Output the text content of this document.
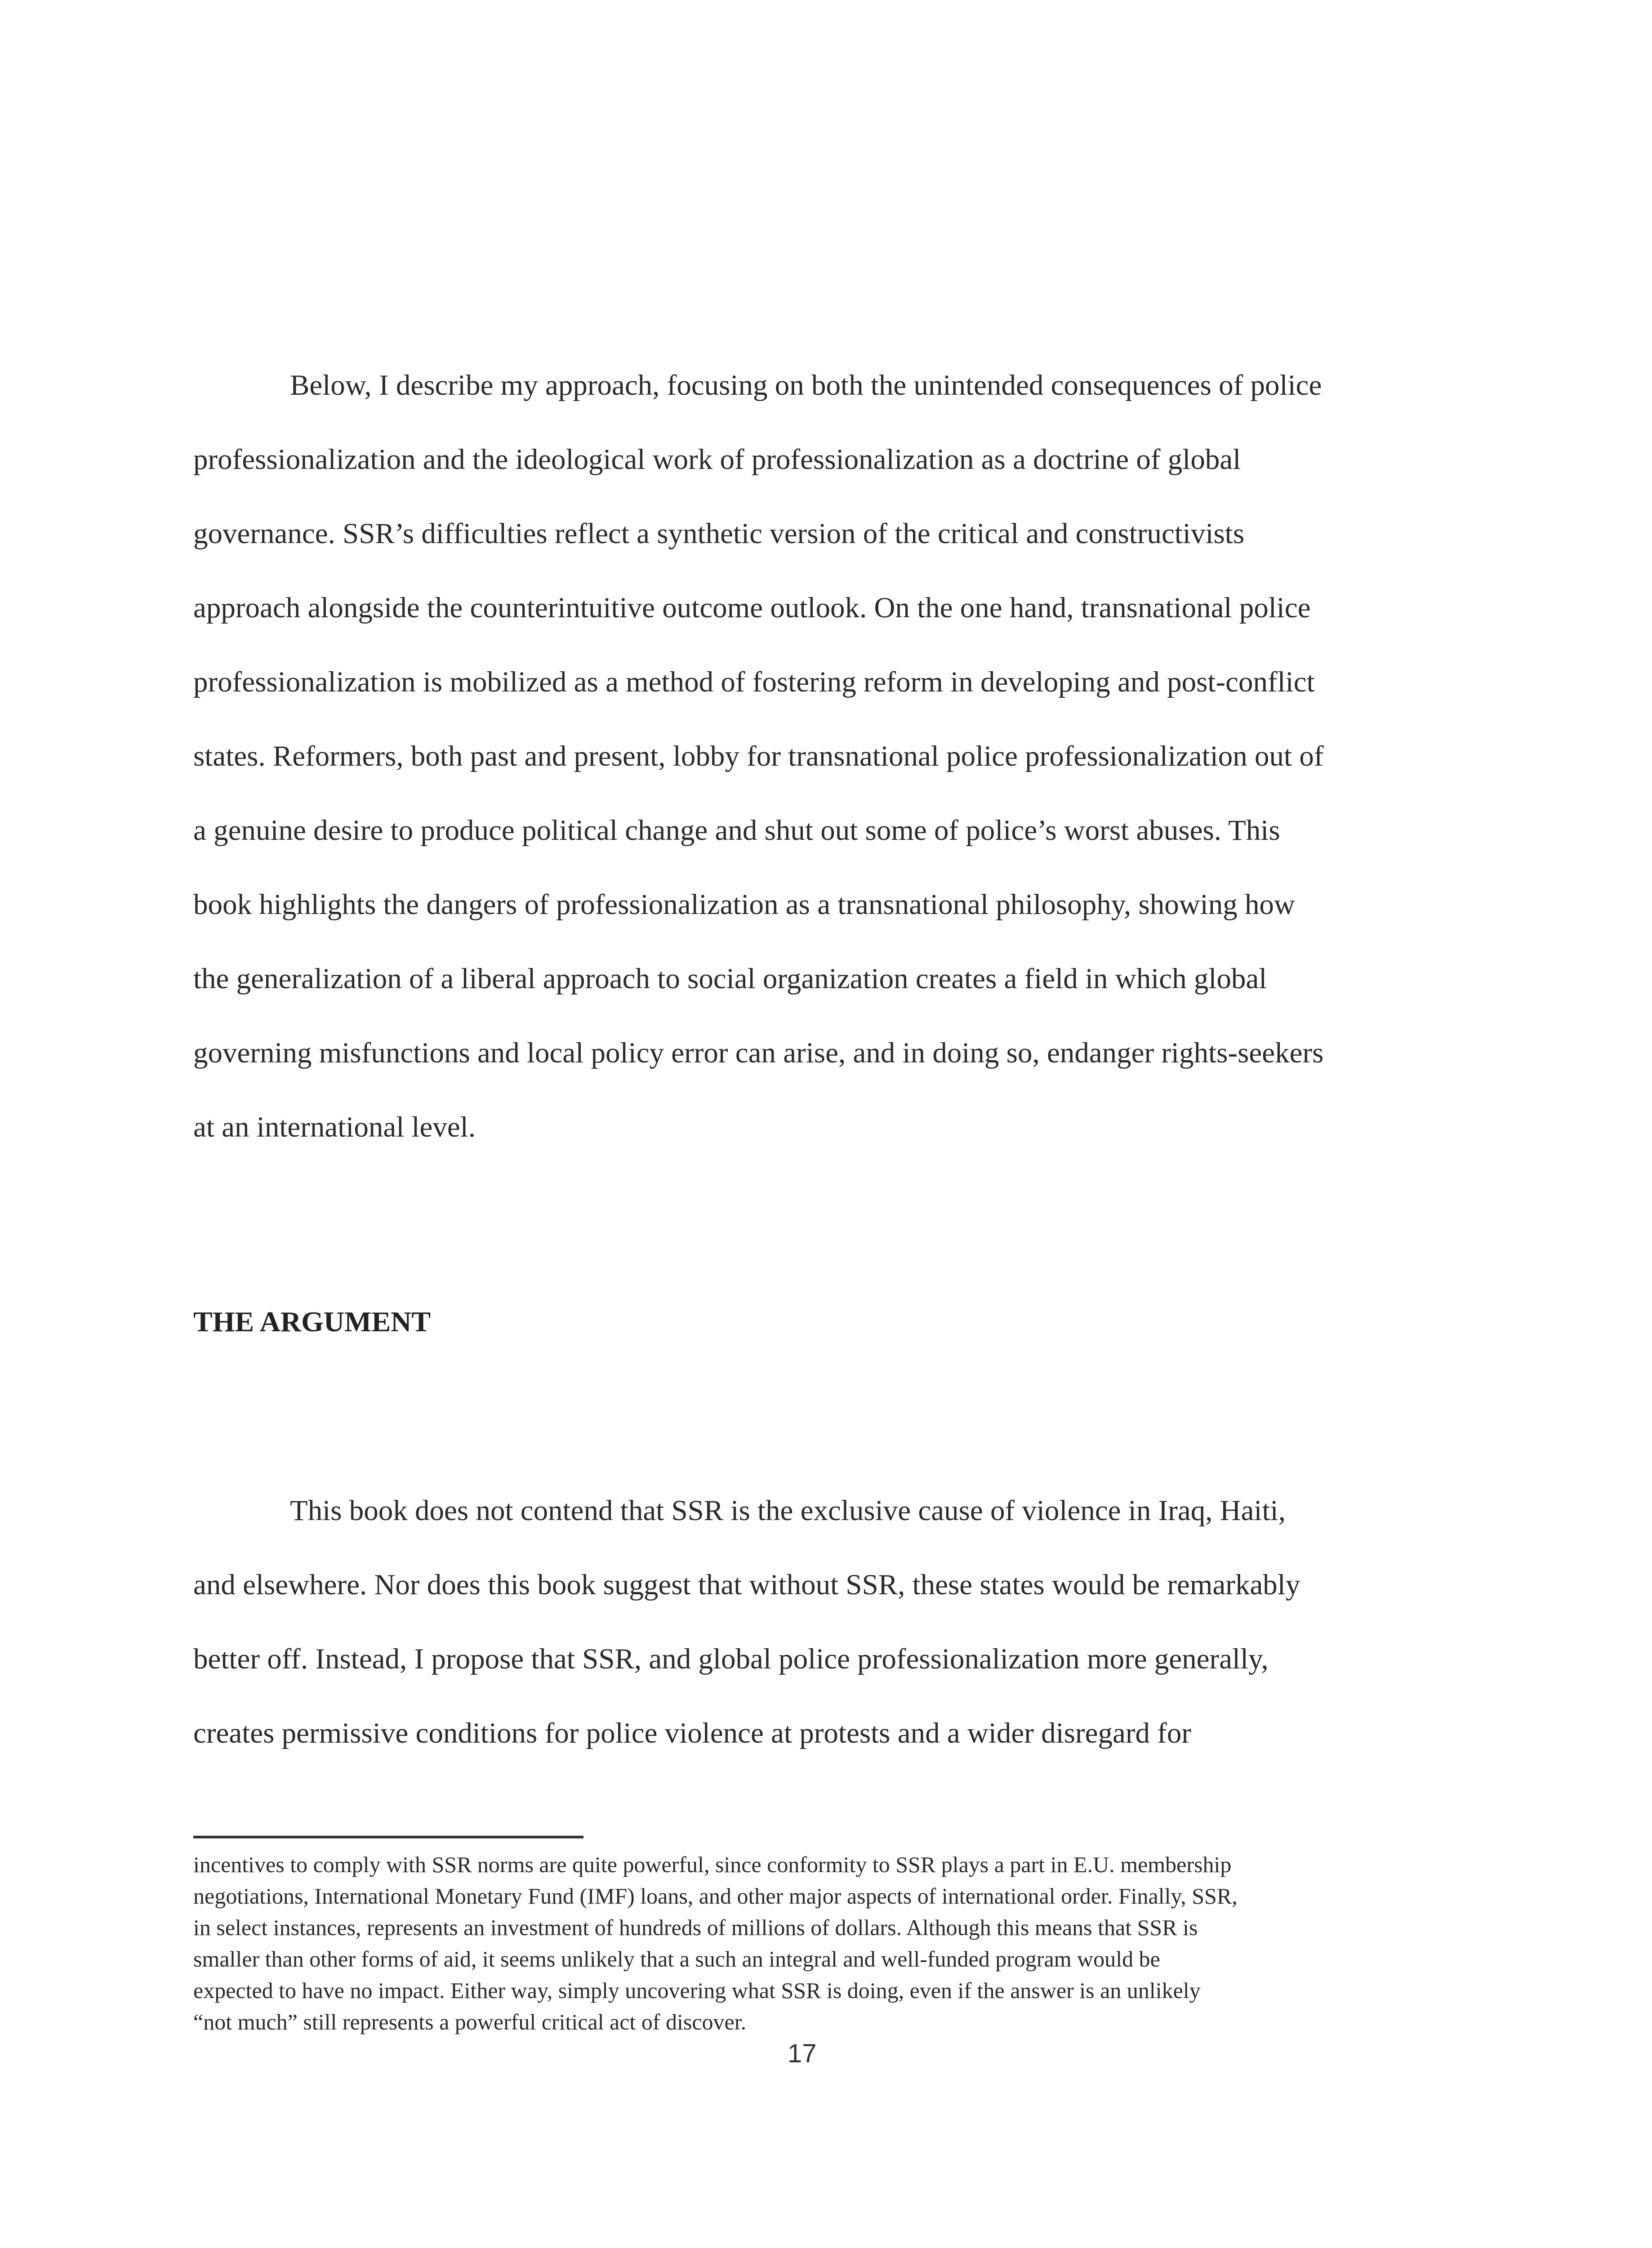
Below, I describe my approach, focusing on both the unintended consequences of police
professionalization and the ideological work of professionalization as a doctrine of global
governance. SSR’s difficulties reflect a synthetic version of the critical and constructivists
approach alongside the counterintuitive outcome outlook. On the one hand, transnational police
professionalization is mobilized as a method of fostering reform in developing and post-conflict
states. Reformers, both past and present, lobby for transnational police professionalization out of
a genuine desire to produce political change and shut out some of police’s worst abuses. This
book highlights the dangers of professionalization as a transnational philosophy, showing how
the generalization of a liberal approach to social organization creates a field in which global
governing misfunctions and local policy error can arise, and in doing so, endanger rights-seekers
at an international level.
THE ARGUMENT
This book does not contend that SSR is the exclusive cause of violence in Iraq, Haiti,
and elsewhere. Nor does this book suggest that without SSR, these states would be remarkably
better off. Instead, I propose that SSR, and global police professionalization more generally,
creates permissive conditions for police violence at protests and a wider disregard for
incentives to comply with SSR norms are quite powerful, since conformity to SSR plays a part in E.U. membership
negotiations, International Monetary Fund (IMF) loans, and other major aspects of international order. Finally, SSR,
in select instances, represents an investment of hundreds of millions of dollars. Although this means that SSR is
smaller than other forms of aid, it seems unlikely that a such an integral and well-funded program would be
expected to have no impact. Either way, simply uncovering what SSR is doing, even if the answer is an unlikely
“not much” still represents a powerful critical act of discover.
17
